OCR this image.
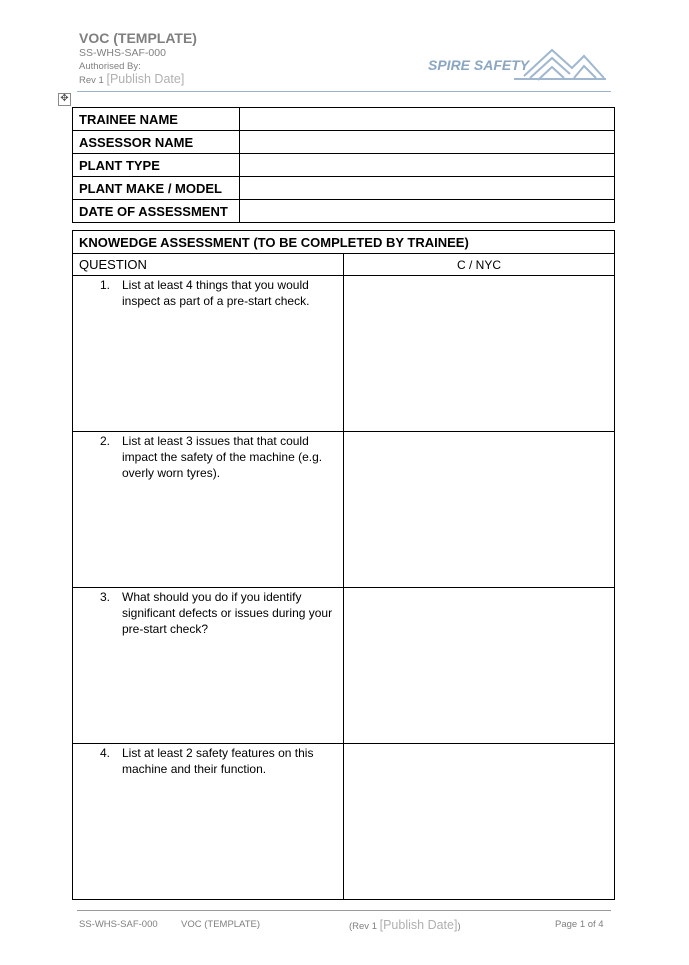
VOC (TEMPLATE)
SS-WHS-SAF-000
Authorised By:
Rev 1 [Publish Date]
SPIRE SAFETY
✥
TRAINEE NAME	
ASSESSOR NAME	
PLANT TYPE	
PLANT MAKE / MODEL	
DATE OF ASSESSMENT	
KNOWEDGE ASSESSMENT (TO BE COMPLETED BY TRAINEE)	
QUESTION	C / NYC

1. List at least 4 things that you would inspect as part of a pre-start check.	

2. List at least 3 issues that that could impact the safety of the machine (e.g. overly worn tyres).	

3. What should you do if you identify significant defects or issues during your pre-start check?	

4. List at least 2 safety features on this machine and their function.	

SS-WHS-SAF-000 VOC (TEMPLATE)	(Rev 1 [Publish Date])	Page 1 of 4
